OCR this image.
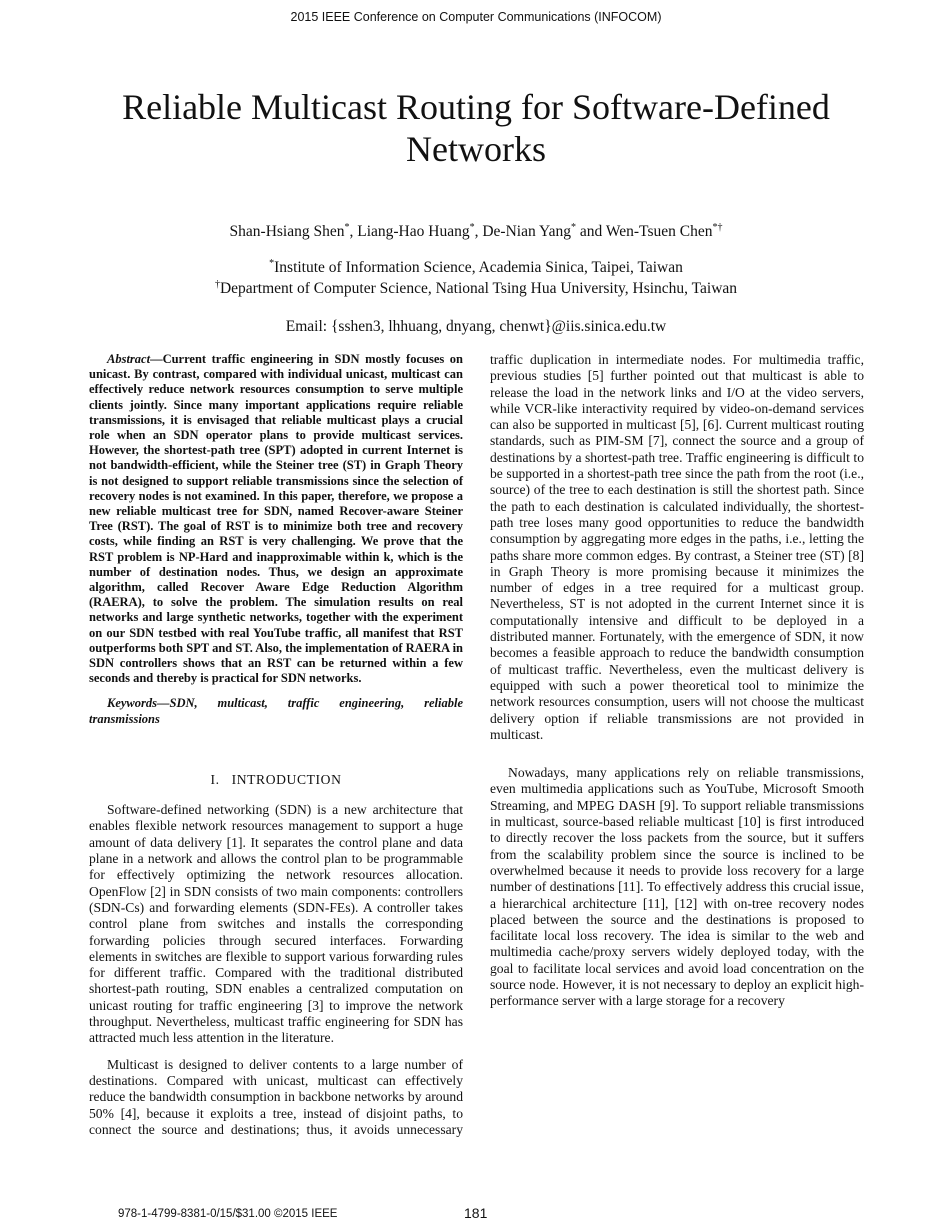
2015 IEEE Conference on Computer Communications (INFOCOM)
Reliable Multicast Routing for Software-Defined Networks
Shan-Hsiang Shen*, Liang-Hao Huang*, De-Nian Yang* and Wen-Tsuen Chen*†
*Institute of Information Science, Academia Sinica, Taipei, Taiwan
†Department of Computer Science, National Tsing Hua University, Hsinchu, Taiwan
Email: {sshen3, lhhuang, dnyang, chenwt}@iis.sinica.edu.tw

Abstract—Current traffic engineering in SDN mostly focuses on unicast. By contrast, compared with individual unicast, multicast can effectively reduce network resources consumption to serve multiple clients jointly. Since many important applications require reliable transmissions, it is envisaged that reliable multicast plays a crucial role when an SDN operator plans to provide multicast services. However, the shortest-path tree (SPT) adopted in current Internet is not bandwidth-efficient, while the Steiner tree (ST) in Graph Theory is not designed to support reliable transmissions since the selection of recovery nodes is not examined. In this paper, therefore, we propose a new reliable multicast tree for SDN, named Recover-aware Steiner Tree (RST). The goal of RST is to minimize both tree and recovery costs, while finding an RST is very challenging. We prove that the RST problem is NP-Hard and inapproximable within k, which is the number of destination nodes. Thus, we design an approximate algorithm, called Recover Aware Edge Reduction Algorithm (RAERA), to solve the problem. The simulation results on real networks and large synthetic networks, together with the experiment on our SDN testbed with real YouTube traffic, all manifest that RST outperforms both SPT and ST. Also, the implementation of RAERA in SDN controllers shows that an RST can be returned within a few seconds and thereby is practical for SDN networks.

Keywords—SDN, multicast, traffic engineering, reliable transmissions

I. INTRODUCTION

Software-defined networking (SDN) is a new architecture that enables flexible network resources management to support a huge amount of data delivery [1]. It separates the control plane and data plane in a network and allows the control plan to be programmable for effectively optimizing the network resources allocation. OpenFlow [2] in SDN consists of two main components: controllers (SDN-Cs) and forwarding elements (SDN-FEs). A controller takes control plane from switches and installs the corresponding forwarding policies through secured interfaces. Forwarding elements in switches are flexible to support various forwarding rules for different traffic. Compared with the traditional distributed shortest-path routing, SDN enables a centralized computation on unicast routing for traffic engineering [3] to improve the network throughput. Nevertheless, multicast traffic engineering for SDN has attracted much less attention in the literature.

Multicast is designed to deliver contents to a large number of destinations. Compared with unicast, multicast can effectively reduce the bandwidth consumption in backbone networks by around 50% [4], because it exploits a tree, instead of disjoint paths, to connect the source and destinations; thus, it avoids unnecessary

traffic duplication in intermediate nodes. For multimedia traffic, previous studies [5] further pointed out that multicast is able to release the load in the network links and I/O at the video servers, while VCR-like interactivity required by video-on-demand services can also be supported in multicast [5], [6]. Current multicast routing standards, such as PIM-SM [7], connect the source and a group of destinations by a shortest-path tree. Traffic engineering is difficult to be supported in a shortest-path tree since the path from the root (i.e., source) of the tree to each destination is still the shortest path. Since the path to each destination is calculated individually, the shortest-path tree loses many good opportunities to reduce the bandwidth consumption by aggregating more edges in the paths, i.e., letting the paths share more common edges. By contrast, a Steiner tree (ST) [8] in Graph Theory is more promising because it minimizes the number of edges in a tree required for a multicast group. Nevertheless, ST is not adopted in the current Internet since it is computationally intensive and difficult to be deployed in a distributed manner. Fortunately, with the emergence of SDN, it now becomes a feasible approach to reduce the bandwidth consumption of multicast traffic. Nevertheless, even the multicast delivery is equipped with such a power theoretical tool to minimize the network resources consumption, users will not choose the multicast delivery option if reliable transmissions are not provided in multicast.

Nowadays, many applications rely on reliable transmissions, even multimedia applications such as YouTube, Microsoft Smooth Streaming, and MPEG DASH [9]. To support reliable transmissions in multicast, source-based reliable multicast [10] is first introduced to directly recover the loss packets from the source, but it suffers from the scalability problem since the source is inclined to be overwhelmed because it needs to provide loss recovery for a large number of destinations [11]. To effectively address this crucial issue, a hierarchical architecture [11], [12] with on-tree recovery nodes placed between the source and the destinations is proposed to facilitate local loss recovery. The idea is similar to the web and multimedia cache/proxy servers widely deployed today, with the goal to facilitate local services and avoid load concentration on the source node. However, it is not necessary to deploy an explicit high-performance server with a large storage for a recovery

978-1-4799-8381-0/15/$31.00 ©2015 IEEE	181
